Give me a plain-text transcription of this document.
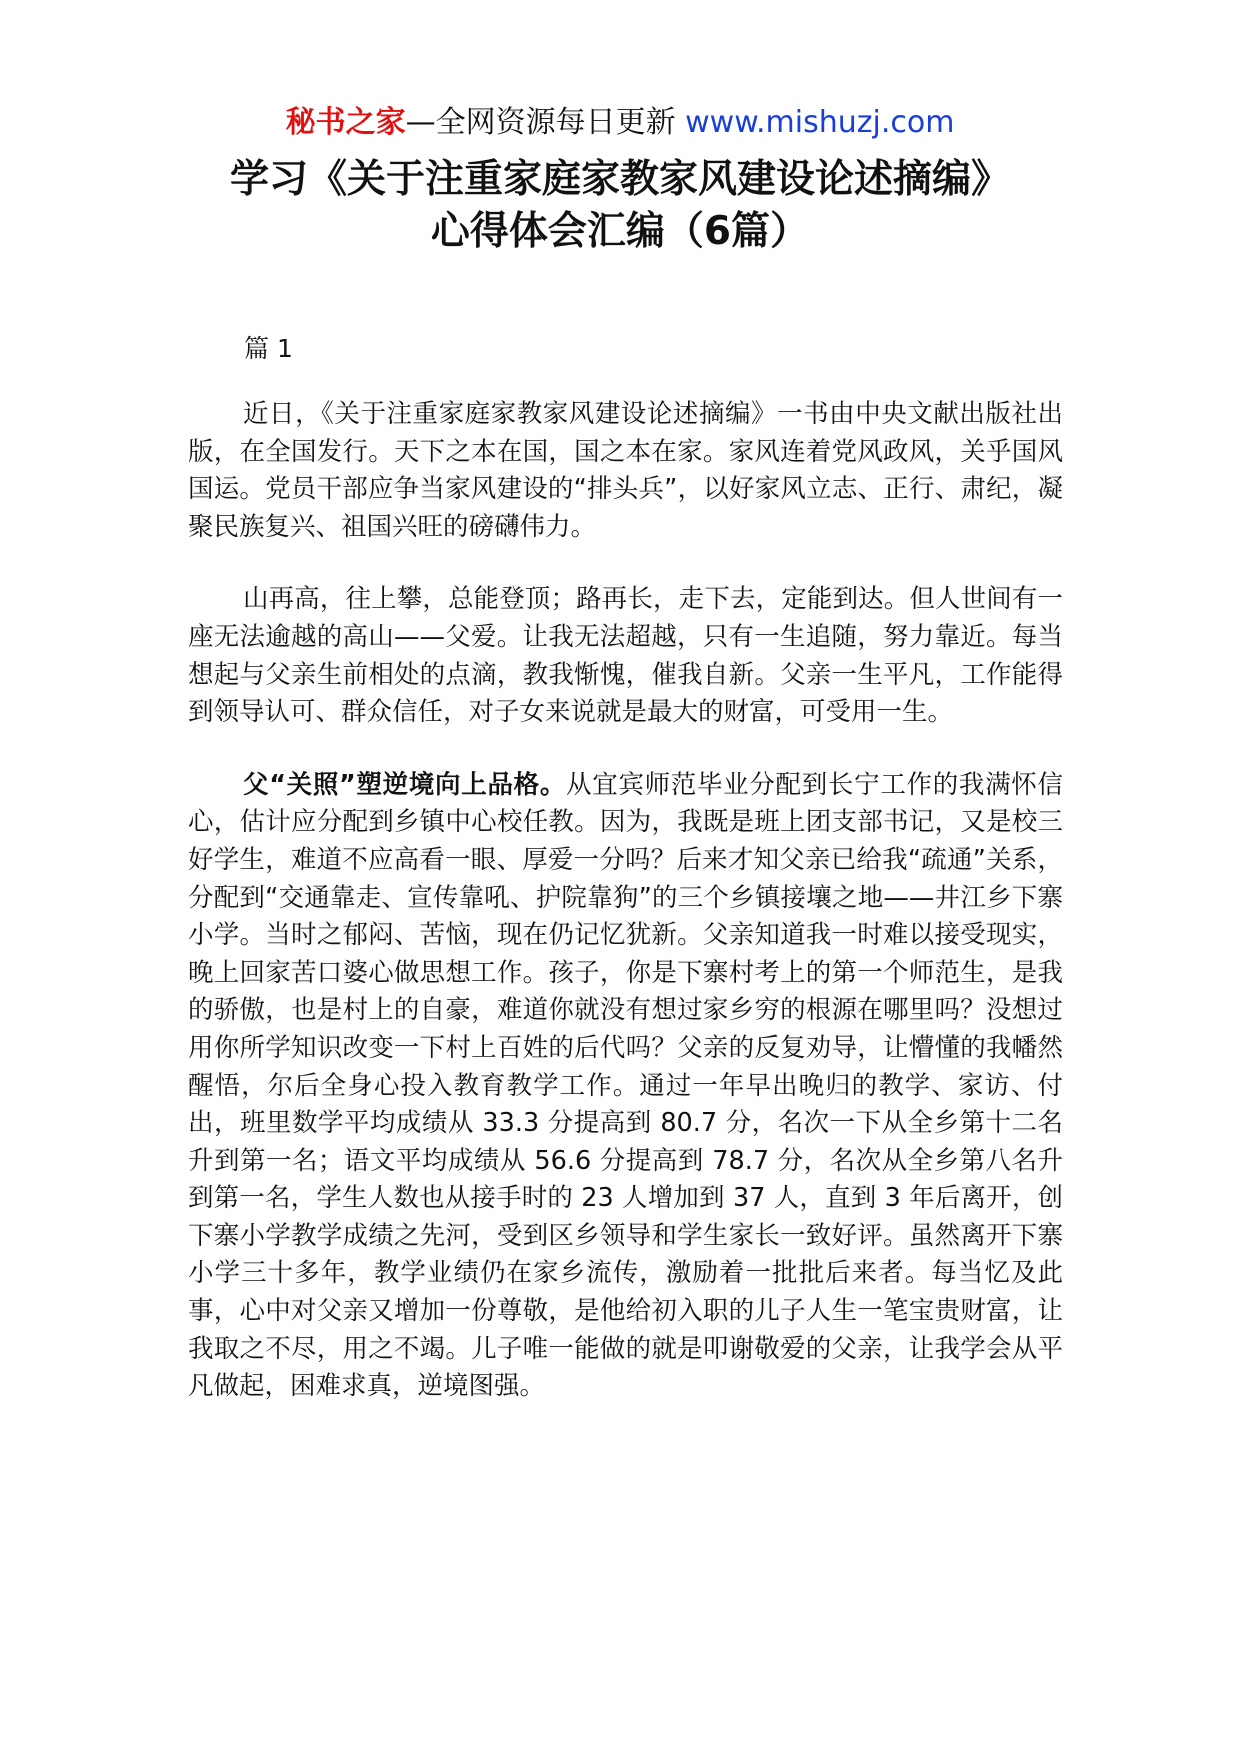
秘书之家—全网资源每日更新 www.mishuzj.com
学习《关于注重家庭家教家风建设论述摘编》
心得体会汇编（6篇）
篇 1

近日，《关于注重家庭家教家风建设论述摘编》一书由中央文献出版社出版，在全国发行。天下之本在国，国之本在家。家风连着党风政风，关乎国风国运。党员干部应争当家风建设的“排头兵”，以好家风立志、正行、肃纪，凝聚民族复兴、祖国兴旺的磅礴伟力。

山再高，往上攀，总能登顶；路再长，走下去，定能到达。但人世间有一座无法逾越的高山——父爱。让我无法超越，只有一生追随，努力靠近。每当想起与父亲生前相处的点滴，教我惭愧，催我自新。父亲一生平凡，工作能得到领导认可、群众信任，对子女来说就是最大的财富，可受用一生。

父“关照”塑逆境向上品格。从宜宾师范毕业分配到长宁工作的我满怀信心，估计应分配到乡镇中心校任教。因为，我既是班上团支部书记，又是校三好学生，难道不应高看一眼、厚爱一分吗？后来才知父亲已给我“疏通”关系，分配到“交通靠走、宣传靠吼、护院靠狗”的三个乡镇接壤之地——井江乡下寨小学。当时之郁闷、苦恼，现在仍记忆犹新。父亲知道我一时难以接受现实，晚上回家苦口婆心做思想工作。孩子，你是下寨村考上的第一个师范生，是我的骄傲，也是村上的自豪，难道你就没有想过家乡穷的根源在哪里吗？没想过用你所学知识改变一下村上百姓的后代吗？父亲的反复劝导，让懵懂的我幡然醒悟，尔后全身心投入教育教学工作。通过一年早出晚归的教学、家访、付出，班里数学平均成绩从 33.3 分提高到 80.7 分，名次一下从全乡第十二名升到第一名；语文平均成绩从 56.6 分提高到 78.7 分，名次从全乡第八名升到第一名，学生人数也从接手时的 23 人增加到 37 人，直到 3 年后离开，创下寨小学教学成绩之先河，受到区乡领导和学生家长一致好评。虽然离开下寨小学三十多年，教学业绩仍在家乡流传，激励着一批批后来者。每当忆及此事，心中对父亲又增加一份尊敬，是他给初入职的儿子人生一笔宝贵财富，让我取之不尽，用之不竭。儿子唯一能做的就是叩谢敬爱的父亲，让我学会从平凡做起，困难求真，逆境图强。
